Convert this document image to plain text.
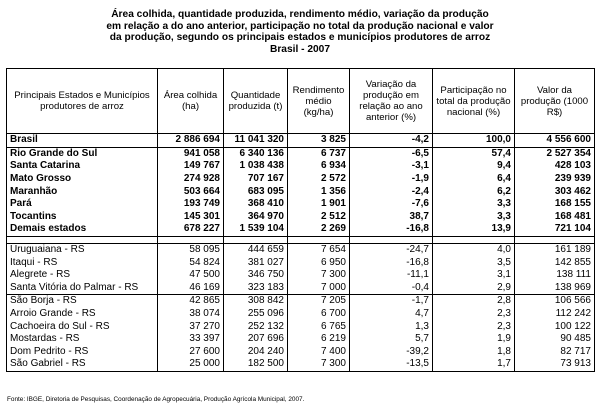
Área colhida, quantidade produzida, rendimento médio, variação da produção
em relação a do ano anterior, participação no total da produção nacional e valor
da produção, segundo os principais estados e municípios produtores de arroz
Brasil - 2007
Principais Estados e Municípios produtores de arroz	Área colhida (ha)	Quantidade produzida (t)	Rendimento médio (kg/ha)	Variação da produção em relação ao ano anterior (%)	Participação no total da produção nacional (%)	Valor da produção (1000 R$)
Brasil	2 886 694	11 041 320	3 825	-4,2	100,0	4 556 600
Rio Grande do Sul	941 058	6 340 136	6 737	-6,5	57,4	2 527 354
Santa Catarina	149 767	1 038 438	6 934	-3,1	9,4	428 103
Mato Grosso	274 928	707 167	2 572	-1,9	6,4	239 939
Maranhão	503 664	683 095	1 356	-2,4	6,2	303 462
Pará	193 749	368 410	1 901	-7,6	3,3	168 155
Tocantins	145 301	364 970	2 512	38,7	3,3	168 481
Demais estados	678 227	1 539 104	2 269	-16,8	13,9	721 104

Uruguaiana - RS	58 095	444 659	7 654	-24,7	4,0	161 189
Itaqui - RS	54 824	381 027	6 950	-16,8	3,5	142 855
Alegrete - RS	47 500	346 750	7 300	-11,1	3,1	138 111
Santa Vitória do Palmar - RS	46 169	323 183	7 000	-0,4	2,9	138 969
São Borja - RS	42 865	308 842	7 205	-1,7	2,8	106 566
Arroio Grande - RS	38 074	255 096	6 700	4,7	2,3	112 242
Cachoeira do Sul - RS	37 270	252 132	6 765	1,3	2,3	100 122
Mostardas - RS	33 397	207 696	6 219	5,7	1,9	90 485
Dom Pedrito - RS	27 600	204 240	7 400	-39,2	1,8	82 717
São Gabriel - RS	25 000	182 500	7 300	-13,5	1,7	73 913
Fonte: IBGE, Diretoria de Pesquisas, Coordenação de Agropecuária, Produção Agrícola Municipal, 2007.
